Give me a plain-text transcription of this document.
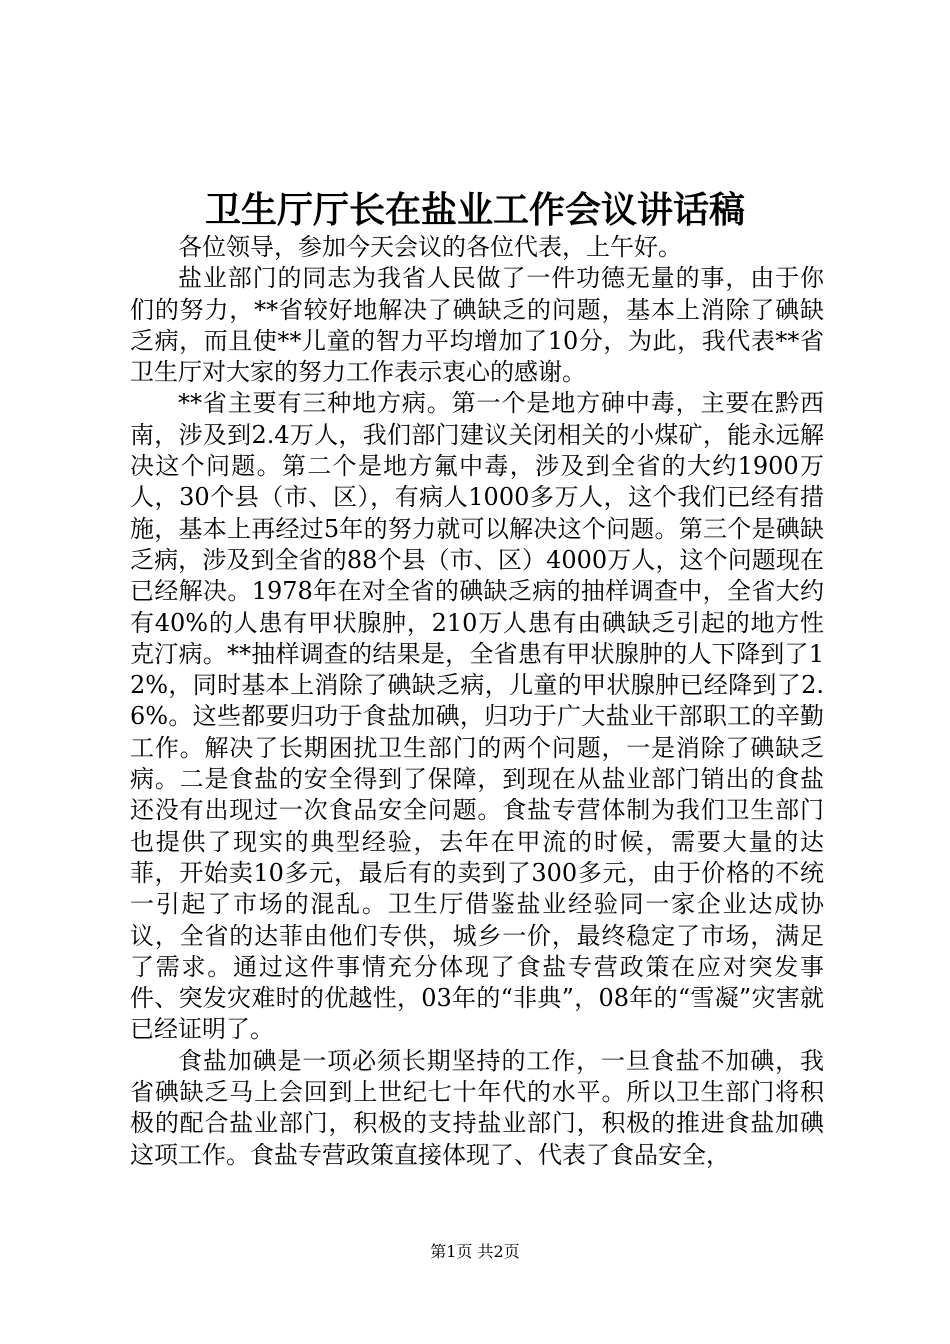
卫生厅厅长在盐业工作会议讲话稿

各位领导，参加今天会议的各位代表，上午好。

盐业部门的同志为我省人民做了一件功德无量的事，由于你们的努力，**省较好地解决了碘缺乏的问题，基本上消除了碘缺乏病，而且使**儿童的智力平均增加了10分，为此，我代表**省卫生厅对大家的努力工作表示衷心的感谢。

**省主要有三种地方病。第一个是地方砷中毒，主要在黔西南，涉及到2.4万人，我们部门建议关闭相关的小煤矿，能永远解决这个问题。第二个是地方氟中毒，涉及到全省的大约1900万人，30个县（市、区），有病人1000多万人，这个我们已经有措施，基本上再经过5年的努力就可以解决这个问题。第三个是碘缺乏病，涉及到全省的88个县（市、区）4000万人，这个问题现在已经解决。1978年在对全省的碘缺乏病的抽样调查中，全省大约有40%的人患有甲状腺肿，210万人患有由碘缺乏引起的地方性克汀病。**抽样调查的结果是，全省患有甲状腺肿的人下降到了12%，同时基本上消除了碘缺乏病，儿童的甲状腺肿已经降到了2.6%。这些都要归功于食盐加碘，归功于广大盐业干部职工的辛勤工作。解决了长期困扰卫生部门的两个问题，一是消除了碘缺乏病。二是食盐的安全得到了保障，到现在从盐业部门销出的食盐还没有出现过一次食品安全问题。食盐专营体制为我们卫生部门也提供了现实的典型经验，去年在甲流的时候，需要大量的达菲，开始卖10多元，最后有的卖到了300多元，由于价格的不统一引起了市场的混乱。卫生厅借鉴盐业经验同一家企业达成协议，全省的达菲由他们专供，城乡一价，最终稳定了市场，满足了需求。通过这件事情充分体现了食盐专营政策在应对突发事件、突发灾难时的优越性，03年的“非典”，08年的“雪凝”灾害就已经证明了。

食盐加碘是一项必须长期坚持的工作，一旦食盐不加碘，我省碘缺乏马上会回到上世纪七十年代的水平。所以卫生部门将积极的配合盐业部门，积极的支持盐业部门，积极的推进食盐加碘这项工作。食盐专营政策直接体现了、代表了食品安全，

第1页 共2页
